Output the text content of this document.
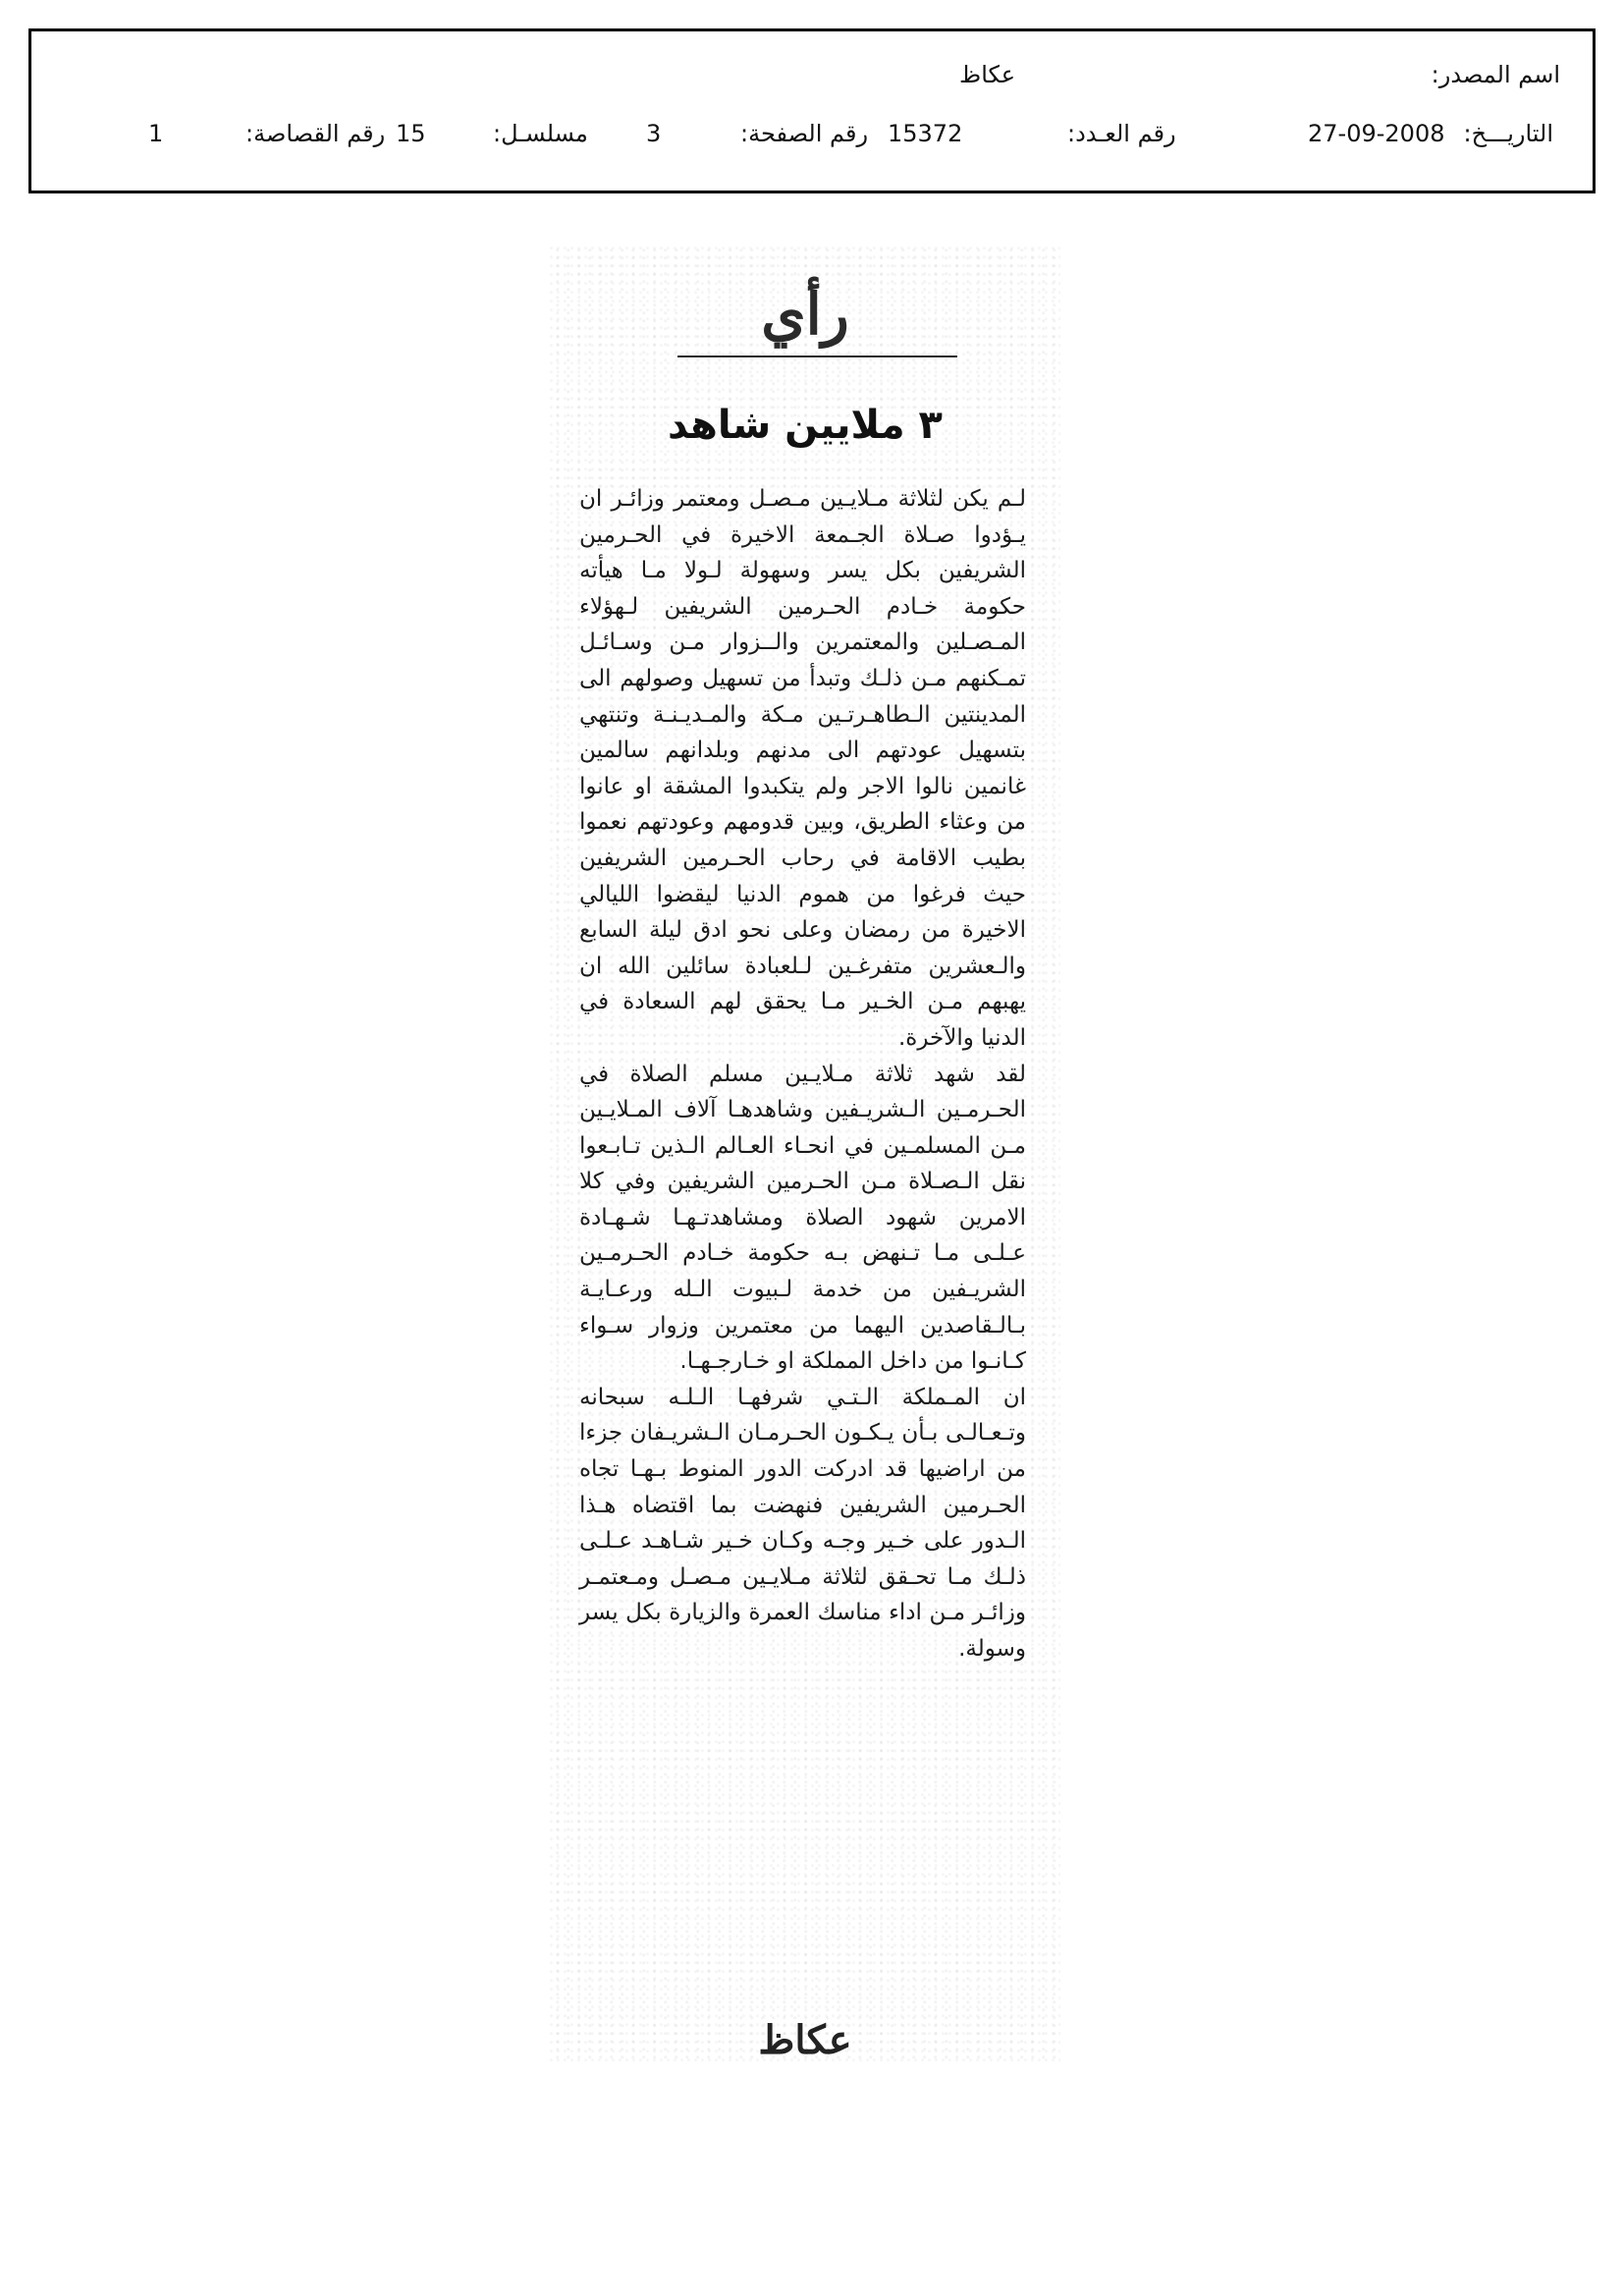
اسم المصدر:
عكاظ
التاريـــخ:
27-09-2008
رقم العـدد:
15372
رقم الصفحة:
3
مسلسـل:
15
رقم القصاصة:
1
رأي
٣ ملايين شاهد

لـم يكن لثلاثة مـلايـين مـصـل ومعتمر وزائـر ان يـؤدوا صـلاة الجـمعة الاخيرة في الحـرمين الشريفين بكل يسر وسهولة لـولا مـا هيأته حكومة خـادم الحـرمين الشريفين لـهؤلاء المـصـلين والمعتمرين والــزوار مـن وسـائـل تمـكنهم مـن ذلـك وتبدأ من تسهيل وصولهم الى المدينتين الـطاهـرتـين مـكة والمـديـنـة وتنتهي بتسهيل عودتهم الى مدنهم وبلدانهم سالمين غانمين نالوا الاجر ولم يتكبدوا المشقة او عانوا من وعثاء الطريق، وبين قدومهم وعودتهم نعموا بطيب الاقامة في رحاب الحـرمين الشريفين حيث فرغوا من هموم الدنيا ليقضوا الليالي الاخيرة من رمضان وعلى نحو ادق ليلة السابع والـعشرين متفرغـين لـلعبادة سائلين الله ان يهبهم مـن الخـير مـا يحقق لهم السعادة في الدنيا والآخرة.

لقد شهد ثلاثة مـلايـين مسلم الصلاة في الحـرمـين الـشريـفين وشاهدهـا آلاف المـلايـين مـن المسلمـين في انحـاء العـالم الـذين تـابـعوا نقل الـصـلاة مـن الحـرمين الشريفين وفي كلا الامرين شهود الصلاة ومشاهدتـهـا شـهـادة عـلـى مـا تـنهض بـه حكومة خـادم الحـرمـين الشريـفين من خدمة لـبيوت الـله ورعـايـة بـالـقاصدين اليهما من معتمرين وزوار سـواء كـانـوا من داخل المملكة او خـارجـهـا.

ان المـملكة الـتـي شرفهـا الـلـه سبحانه وتـعـالـى بـأن يـكـون الحـرمـان الـشريـفان جزءا من اراضيها قد ادركت الدور المنوط بـهـا تجاه الحـرمين الشريفين فنهضت بما اقتضاه هـذا الـدور على خـير وجـه وكـان خـير شـاهـد عـلـى ذلـك مـا تحـقق لثلاثة مـلايـين مـصـل ومـعتمـر وزائـر مـن اداء مناسك العمرة والزيارة بكل يسر وسولة.

عكاظ
